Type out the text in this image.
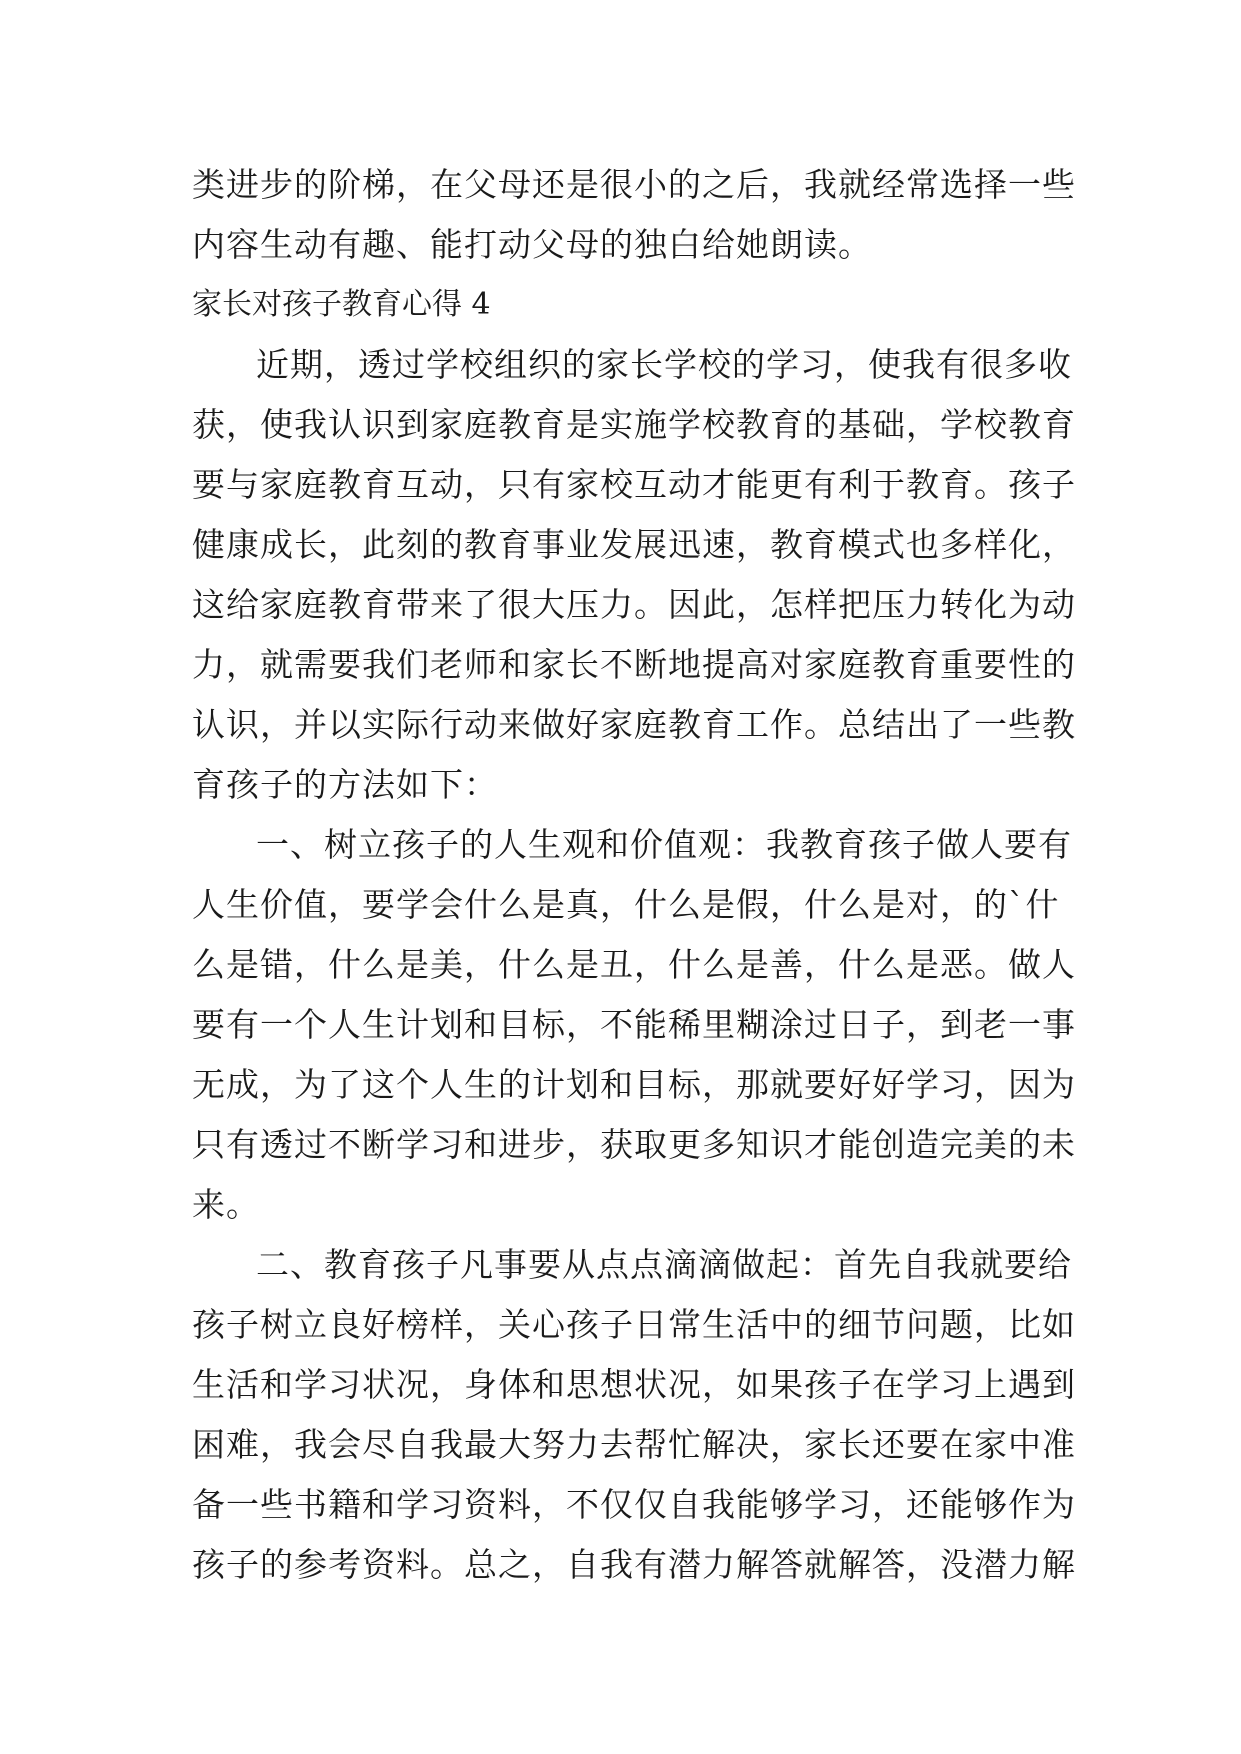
类进步的阶梯，在父母还是很小的之后，我就经常选择一些
内容生动有趣、能打动父母的独白给她朗读。
家长对孩子教育心得 4
近期，透过学校组织的家长学校的学习，使我有很多收
获，使我认识到家庭教育是实施学校教育的基础，学校教育
要与家庭教育互动，只有家校互动才能更有利于教育。孩子
健康成长，此刻的教育事业发展迅速，教育模式也多样化，
这给家庭教育带来了很大压力。因此，怎样把压力转化为动
力，就需要我们老师和家长不断地提高对家庭教育重要性的
认识，并以实际行动来做好家庭教育工作。总结出了一些教
育孩子的方法如下：
一、树立孩子的人生观和价值观：我教育孩子做人要有
人生价值，要学会什么是真，什么是假，什么是对，的`什
么是错，什么是美，什么是丑，什么是善，什么是恶。做人
要有一个人生计划和目标，不能稀里糊涂过日子，到老一事
无成，为了这个人生的计划和目标，那就要好好学习，因为
只有透过不断学习和进步，获取更多知识才能创造完美的未
来。
二、教育孩子凡事要从点点滴滴做起：首先自我就要给
孩子树立良好榜样，关心孩子日常生活中的细节问题，比如
生活和学习状况，身体和思想状况，如果孩子在学习上遇到
困难，我会尽自我最大努力去帮忙解决，家长还要在家中准
备一些书籍和学习资料，不仅仅自我能够学习，还能够作为
孩子的参考资料。总之，自我有潜力解答就解答，没潜力解
